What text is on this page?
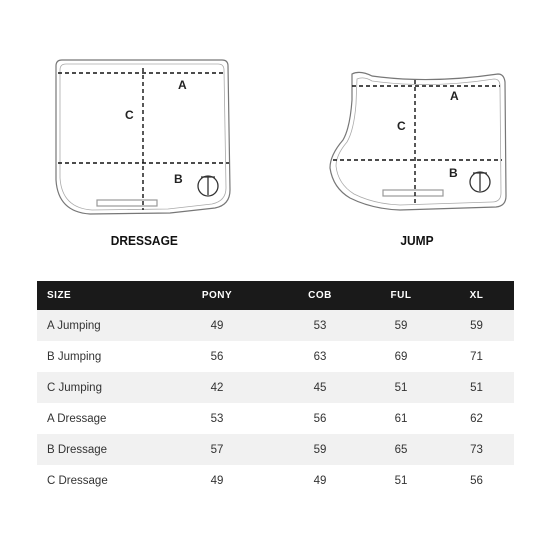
A
C
B
A
C
B
DRESSAGE	JUMP
SIZE	PONY	COB	FUL	XL
A Jumping	49	53	59	59
B Jumping	56	63	69	71
C Jumping	42	45	51	51
A Dressage	53	56	61	62
B Dressage	57	59	65	73
C Dressage	49	49	51	56
